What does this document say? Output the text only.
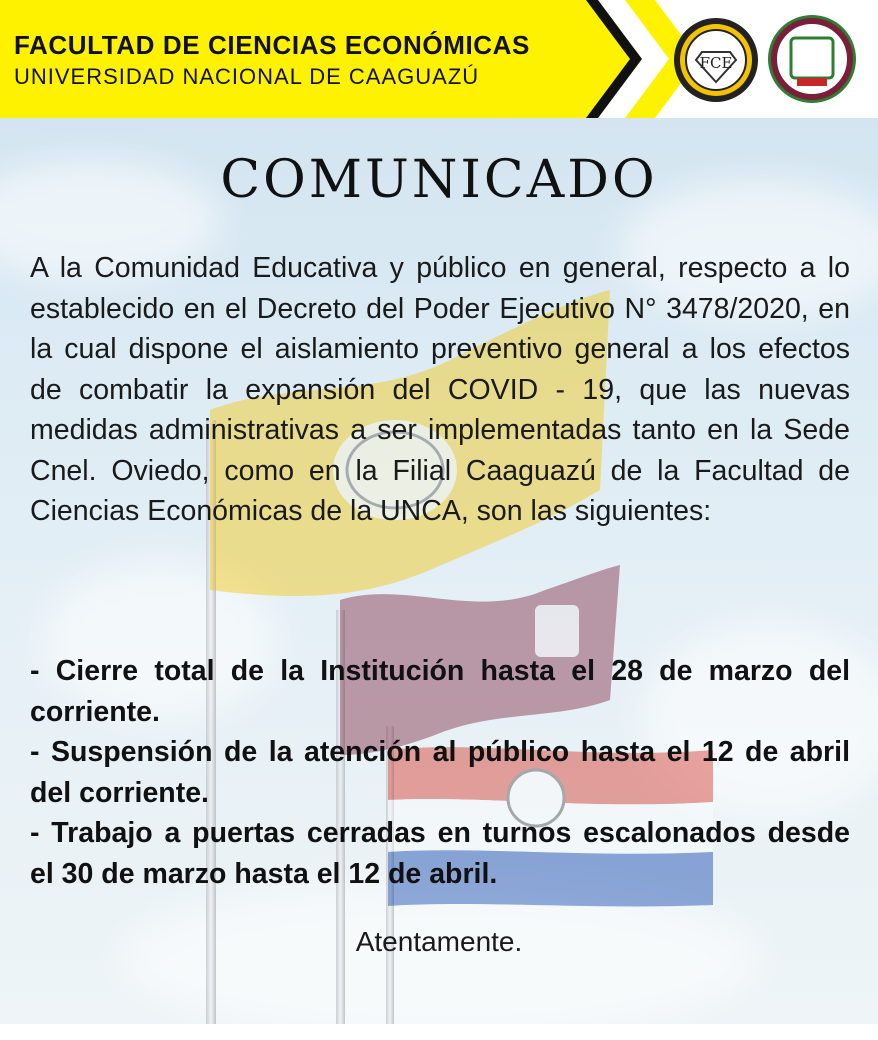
FACULTAD DE CIENCIAS ECONÓMICAS
UNIVERSIDAD NACIONAL DE CAAGUAZÚ
FCE
COMUNICADO
A la Comunidad Educativa y público en general, respecto a lo establecido en el Decreto del Poder Ejecutivo N° 3478/2020, en la cual dispone el aislamiento preventivo general a los efectos de combatir la expansión del COVID - 19, que las nuevas medidas administrativas a ser implementadas tanto en la Sede Cnel. Oviedo, como en la Filial Caaguazú de la Facultad de Ciencias Económicas de la UNCA, son las siguientes:
- Cierre total de la Institución hasta el 28 de marzo del corriente.
- Suspensión de la atención al público hasta el 12 de abril del corriente.
- Trabajo a puertas cerradas en turnos escalonados desde el 30 de marzo hasta el 12 de abril.
Atentamente.
